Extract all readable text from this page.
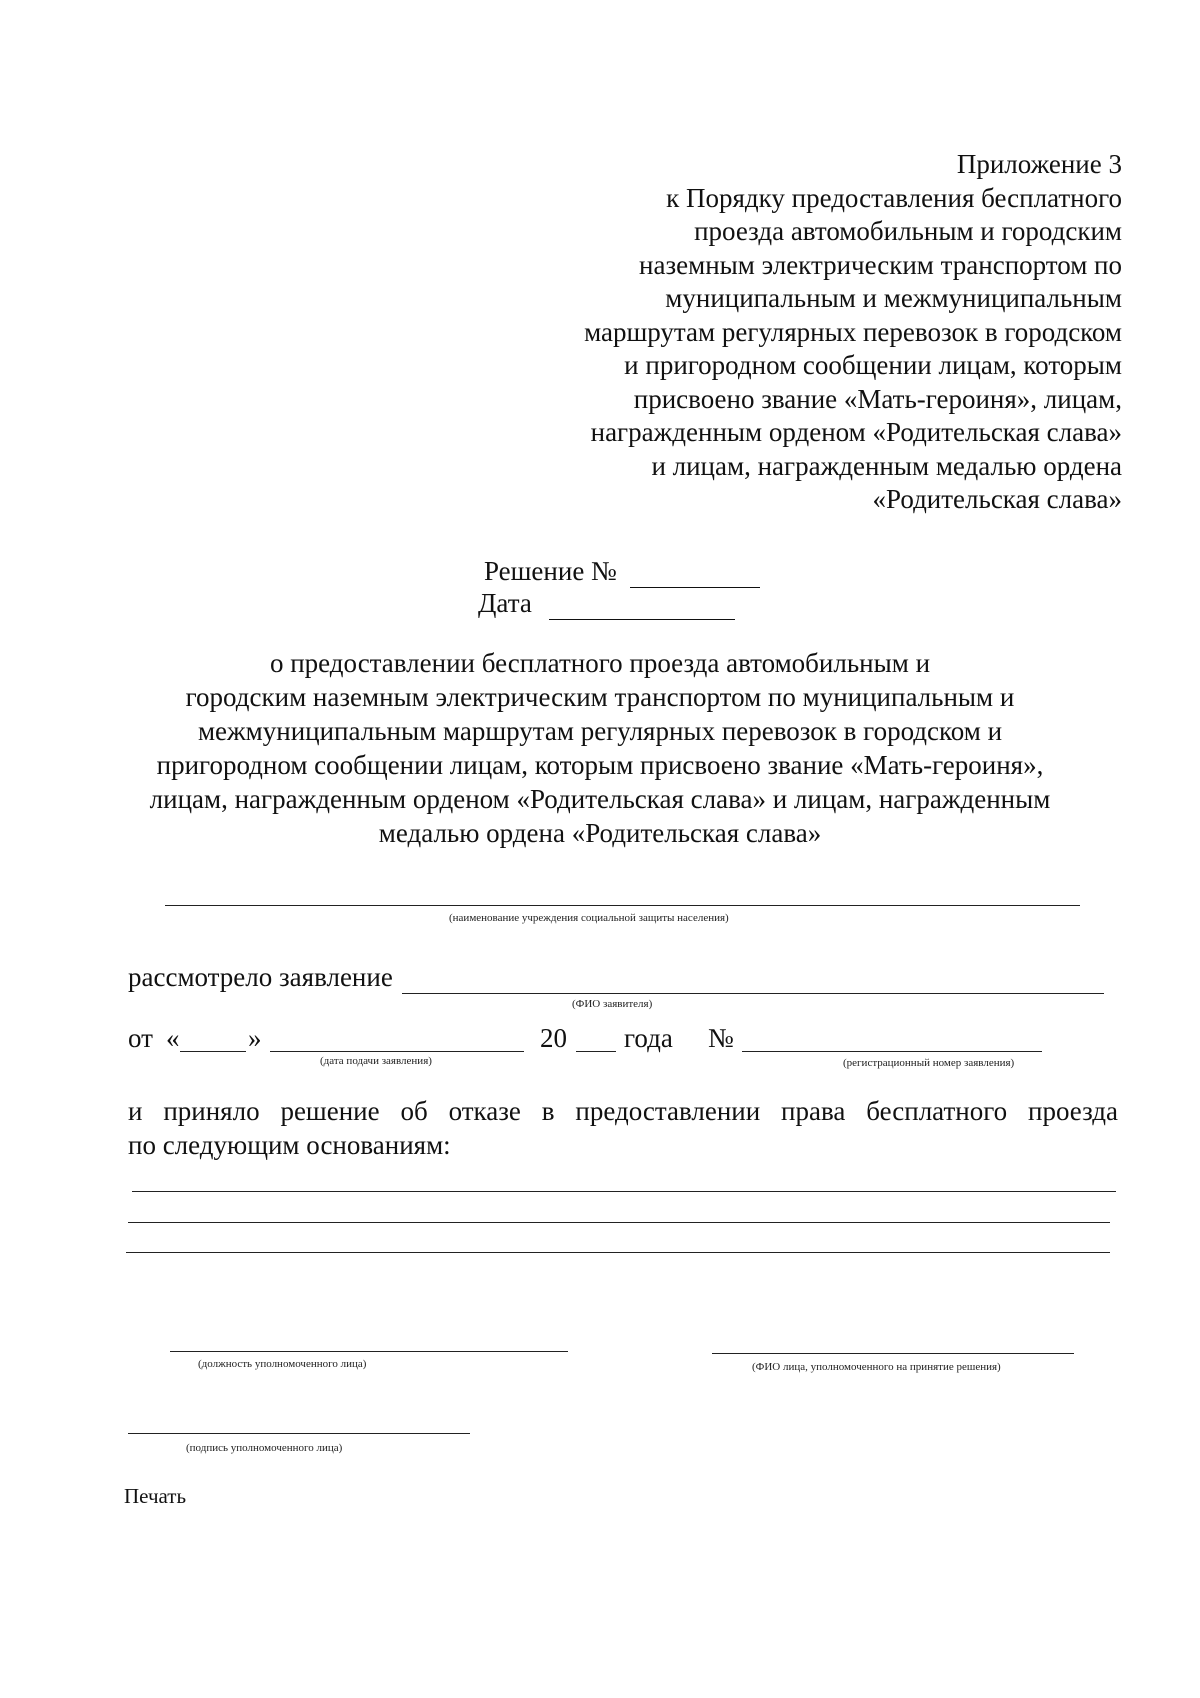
Приложение 3
к Порядку предоставления бесплатного
проезда автомобильным и городским
наземным электрическим транспортом по
муниципальным и межмуниципальным
маршрутам регулярных перевозок в городском
и пригородном сообщении лицам, которым
присвоено звание «Мать-героиня», лицам,
награжденным орденом «Родительская слава»
и лицам, награжденным медалью ордена
«Родительская слава»
Решение №
Дата
о предоставлении бесплатного проезда автомобильным и
городским наземным электрическим транспортом по муниципальным и
межмуниципальным маршрутам регулярных перевозок в городском и
пригородном сообщении лицам, которым присвоено звание «Мать-героиня»,
лицам, награжденным орденом «Родительская слава» и лицам, награжденным
медалью ордена «Родительская слава»
(наименование учреждения социальной защиты населения)
рассмотрело заявление
(ФИО заявителя)
от «	»
(дата подачи заявления)
20 года №
(регистрационный номер заявления)
и приняло решение об отказе в предоставлении права бесплатного проезда
по следующим основаниям:
(должность уполномоченного лица)	(ФИО лица, уполномоченного на принятие решения)
(подпись уполномоченного лица)
Печать
